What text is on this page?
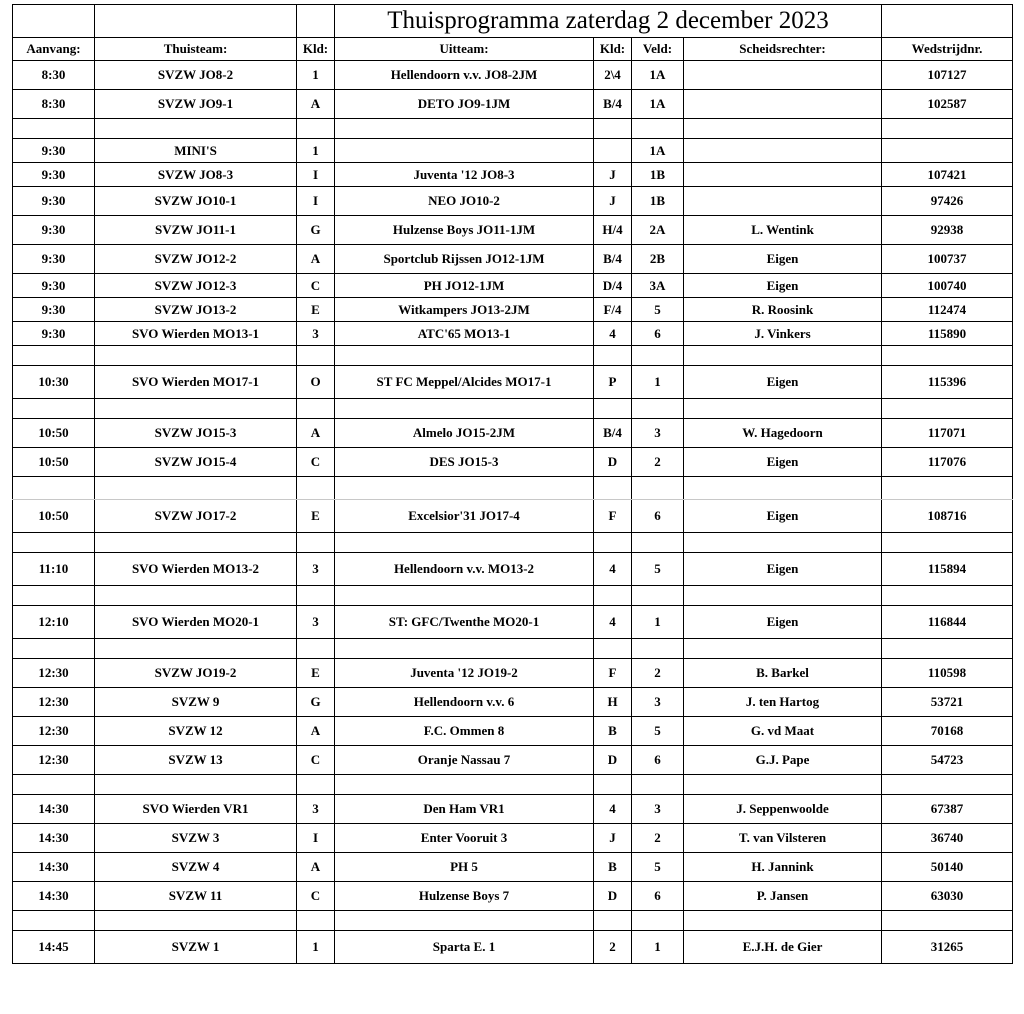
			Thuisprogramma zaterdag 2 december 2023				
Aanvang:	Thuisteam:	Kld:	Uitteam:	Kld:	Veld:	Scheidsrechter:	Wedstrijdnr.
8:30	SVZW JO8-2	1	Hellendoorn v.v. JO8-2JM	2\4	1A		107127
8:30	SVZW JO9-1	A	DETO JO9-1JM	B/4	1A		102587

9:30	MINI'S	1			1A		
9:30	SVZW JO8-3	I	Juventa '12 JO8-3	J	1B		107421
9:30	SVZW JO10-1	I	NEO JO10-2	J	1B		97426
9:30	SVZW JO11-1	G	Hulzense Boys JO11-1JM	H/4	2A	L. Wentink	92938
9:30	SVZW JO12-2	A	Sportclub Rijssen JO12-1JM	B/4	2B	Eigen	100737
9:30	SVZW JO12-3	C	PH JO12-1JM	D/4	3A	Eigen	100740
9:30	SVZW JO13-2	E	Witkampers JO13-2JM	F/4	5	R. Roosink	112474
9:30	SVO Wierden MO13-1	3	ATC'65 MO13-1	4	6	J. Vinkers	115890

10:30	SVO Wierden MO17-1	O	ST FC Meppel/Alcides MO17-1	P	1	Eigen	115396

10:50	SVZW JO15-3	A	Almelo JO15-2JM	B/4	3	W. Hagedoorn	117071
10:50	SVZW JO15-4	C	DES JO15-3	D	2	Eigen	117076

10:50	SVZW JO17-2	E	Excelsior'31 JO17-4	F	6	Eigen	108716

11:10	SVO Wierden MO13-2	3	Hellendoorn v.v. MO13-2	4	5	Eigen	115894

12:10	SVO Wierden MO20-1	3	ST: GFC/Twenthe MO20-1	4	1	Eigen	116844

12:30	SVZW JO19-2	E	Juventa '12 JO19-2	F	2	B. Barkel	110598
12:30	SVZW 9	G	Hellendoorn v.v. 6	H	3	J. ten Hartog	53721
12:30	SVZW 12	A	F.C. Ommen 8	B	5	G. vd Maat	70168
12:30	SVZW 13	C	Oranje Nassau 7	D	6	G.J. Pape	54723

14:30	SVO Wierden VR1	3	Den Ham VR1	4	3	J. Seppenwoolde	67387
14:30	SVZW 3	I	Enter Vooruit 3	J	2	T. van Vilsteren	36740
14:30	SVZW 4	A	PH 5	B	5	H. Jannink	50140
14:30	SVZW 11	C	Hulzense Boys 7	D	6	P. Jansen	63030

14:45	SVZW 1	1	Sparta E. 1	2	1	E.J.H. de Gier	31265
